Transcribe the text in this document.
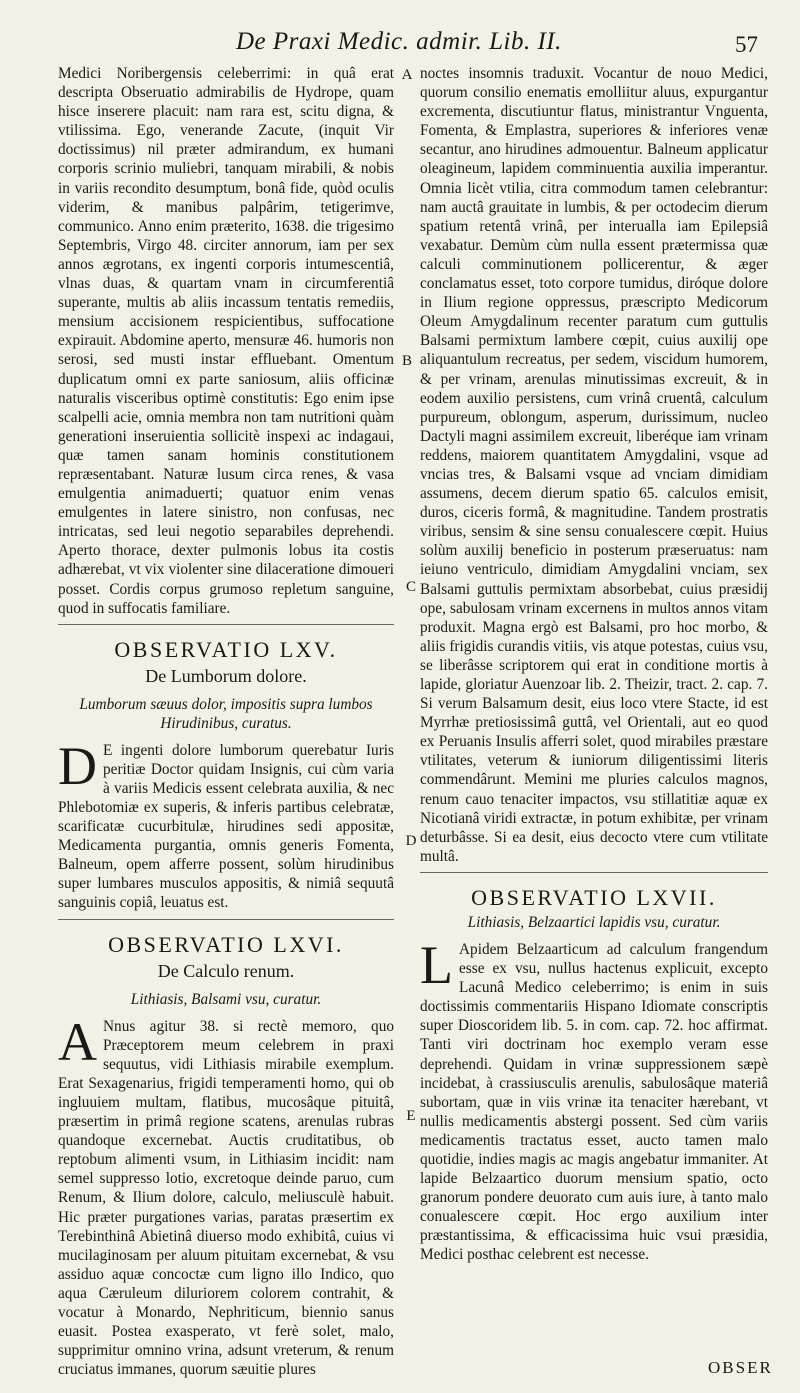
De Praxi Medic. admir. Lib. II.	57
A
B
C
D
E

Medici Noribergensis celeberrimi: in quâ erat descripta Obseruatio admirabilis de Hydrope, quam hisce inserere placuit: nam rara est, scitu digna, & vtilissima. Ego, venerande Zacute, (inquit Vir doctissimus) nil præter admirandum, ex humani corporis scrinio muliebri, tanquam mirabili, & nobis in variis recondito desumptum, bonâ fide, quòd oculis viderim, & manibus palpârim, tetigerimve, communico. Anno enim præterito, 1638. die trigesimo Septembris, Virgo 48. circiter annorum, iam per sex annos ægrotans, ex ingenti corporis intumescentiâ, vlnas duas, & quartam vnam in circumferentiâ superante, multis ab aliis incassum tentatis remediis, mensium accisionem respicientibus, suffocatione expirauit. Abdomine aperto, mensuræ 46. humoris non serosi, sed musti instar effluebant. Omentum duplicatum omni ex parte saniosum, aliis officinæ naturalis visceribus optimè constitutis: Ego enim ipse scalpelli acie, omnia membra non tam nutritioni quàm generationi inseruientia sollicitè inspexi ac indagaui, quæ tamen sanam hominis constitutionem repræsentabant. Naturæ lusum circa renes, & vasa emulgentia animaduerti; quatuor enim venas emulgentes in latere sinistro, non confusas, nec intricatas, sed leui negotio separabiles deprehendi. Aperto thorace, dexter pulmonis lobus ita costis adhærebat, vt vix violenter sine dilaceratione dimoueri posset. Cordis corpus grumoso repletum sanguine, quod in suffocatis familiare.

OBSERVATIO LXV.
De Lumborum dolore.
Lumborum sæuus dolor, impositis supra lumbos Hirudinibus, curatus.

D E ingenti dolore lumborum querebatur Iuris peritiæ Doctor quidam Insignis, cui cùm varia à variis Medicis essent celebrata auxilia, & nec Phlebotomiæ ex superis, & inferis partibus celebratæ, scarificatæ cucurbitulæ, hirudines sedi appositæ, Medicamenta purgantia, omnis generis Fomenta, Balneum, opem afferre possent, solùm hirudinibus super lumbares musculos appositis, & nimiâ sequutâ sanguinis copiâ, leuatus est.

OBSERVATIO LXVI.
De Calculo renum.
Lithiasis, Balsami vsu, curatur.

A Nnus agitur 38. si rectè memoro, quo Præceptorem meum celebrem in praxi sequutus, vidi Lithiasis mirabile exemplum. Erat Sexagenarius, frigidi temperamenti homo, qui ob ingluuiem multam, flatibus, mucosâque pituitâ, præsertim in primâ regione scatens, arenulas rubras quandoque excernebat. Auctis cruditatibus, ob reptobum alimenti vsum, in Lithiasim incidit: nam semel suppresso lotio, excretoque deinde paruo, cum Renum, & Ilium dolore, calculo, meliusculè habuit. Hic præter purgationes varias, paratas præsertim ex Terebinthinâ Abietinâ diuerso modo exhibitâ, cuius vi mucilaginosam per aluum pituitam excernebat, & vsu assiduo aquæ concoctæ cum ligno illo Indico, quo aqua Cæruleum diluriorem colorem contrahit, & vocatur à Monardo, Nephriticum, biennio sanus euasit. Postea exasperato, vt ferè solet, malo, supprimitur omnino vrina, adsunt vreterum, & renum cruciatus immanes, quorum sæuitie plures

noctes insomnis traduxit. Vocantur de nouo Medici, quorum consilio enematis emolliitur aluus, expurgantur excrementa, discutiuntur flatus, ministrantur Vnguenta, Fomenta, & Emplastra, superiores & inferiores venæ secantur, ano hirudines admouentur. Balneum applicatur oleagineum, lapidem comminuentia auxilia imperantur. Omnia licèt vtilia, citra commodum tamen celebrantur: nam auctâ grauitate in lumbis, & per octodecim dierum spatium retentâ vrinâ, per interualla iam Epilepsiâ vexabatur. Demùm cùm nulla essent prætermissa quæ calculi comminutionem pollicerentur, & æger conclamatus esset, toto corpore tumidus, diróque dolore in Ilium regione oppressus, præscripto Medicorum Oleum Amygdalinum recenter paratum cum guttulis Balsami permixtum lambere cœpit, cuius auxilij ope aliquantulum recreatus, per sedem, viscidum humorem, & per vrinam, arenulas minutissimas excreuit, & in eodem auxilio persistens, cum vrinâ cruentâ, calculum purpureum, oblongum, asperum, durissimum, nucleo Dactyli magni assimilem excreuit, liberéque iam vrinam reddens, maiorem quantitatem Amygdalini, vsque ad vncias tres, & Balsami vsque ad vnciam dimidiam assumens, decem dierum spatio 65. calculos emisit, duros, ciceris formâ, & magnitudine. Tandem prostratis viribus, sensim & sine sensu conualescere cœpit. Huius solùm auxilij beneficio in posterum præseruatus: nam ieiuno ventriculo, dimidiam Amygdalini vnciam, sex Balsami guttulis permixtam absorbebat, cuius præsidij ope, sabulosam vrinam excernens in multos annos vitam produxit. Magna ergò est Balsami, pro hoc morbo, & aliis frigidis curandis vitiis, vis atque potestas, cuius vsu, se liberâsse scriptorem qui erat in conditione mortis à lapide, gloriatur Auenzoar lib. 2. Theizir, tract. 2. cap. 7. Si verum Balsamum desit, eius loco vtere Stacte, id est Myrrhæ pretiosissimâ guttâ, vel Orientali, aut eo quod ex Peruanis Insulis afferri solet, quod mirabiles præstare vtilitates, veterum & iuniorum diligentissimi literis commendârunt. Memini me pluries calculos magnos, renum cauo tenaciter impactos, vsu stillatitiæ aquæ ex Nicotianâ viridi extractæ, in potum exhibitæ, per vrinam deturbâsse. Si ea desit, eius decocto vtere cum vtilitate multâ.

OBSERVATIO LXVII.
Lithiasis, Belzaartici lapidis vsu, curatur.

L Apidem Belzaarticum ad calculum frangendum esse ex vsu, nullus hactenus explicuit, excepto Lacunâ Medico celeberrimo; is enim in suis doctissimis commentariis Hispano Idiomate conscriptis super Dioscoridem lib. 5. in com. cap. 72. hoc affirmat. Tanti viri doctrinam hoc exemplo veram esse deprehendi. Quidam in vrinæ suppressionem sæpè incidebat, à crassiusculis arenulis, sabulosâque materiâ subortam, quæ in viis vrinæ ita tenaciter hærebant, vt nullis medicamentis abstergi possent. Sed cùm variis medicamentis tractatus esset, aucto tamen malo quotidie, indies magis ac magis angebatur immaniter. At lapide Belzaartico duorum mensium spatio, octo granorum pondere deuorato cum auis iure, à tanto malo conualescere cœpit. Hoc ergo auxilium inter præstantissima, & efficacissima huic vsui præsidia, Medici posthac celebrent est necesse.

OBSER
